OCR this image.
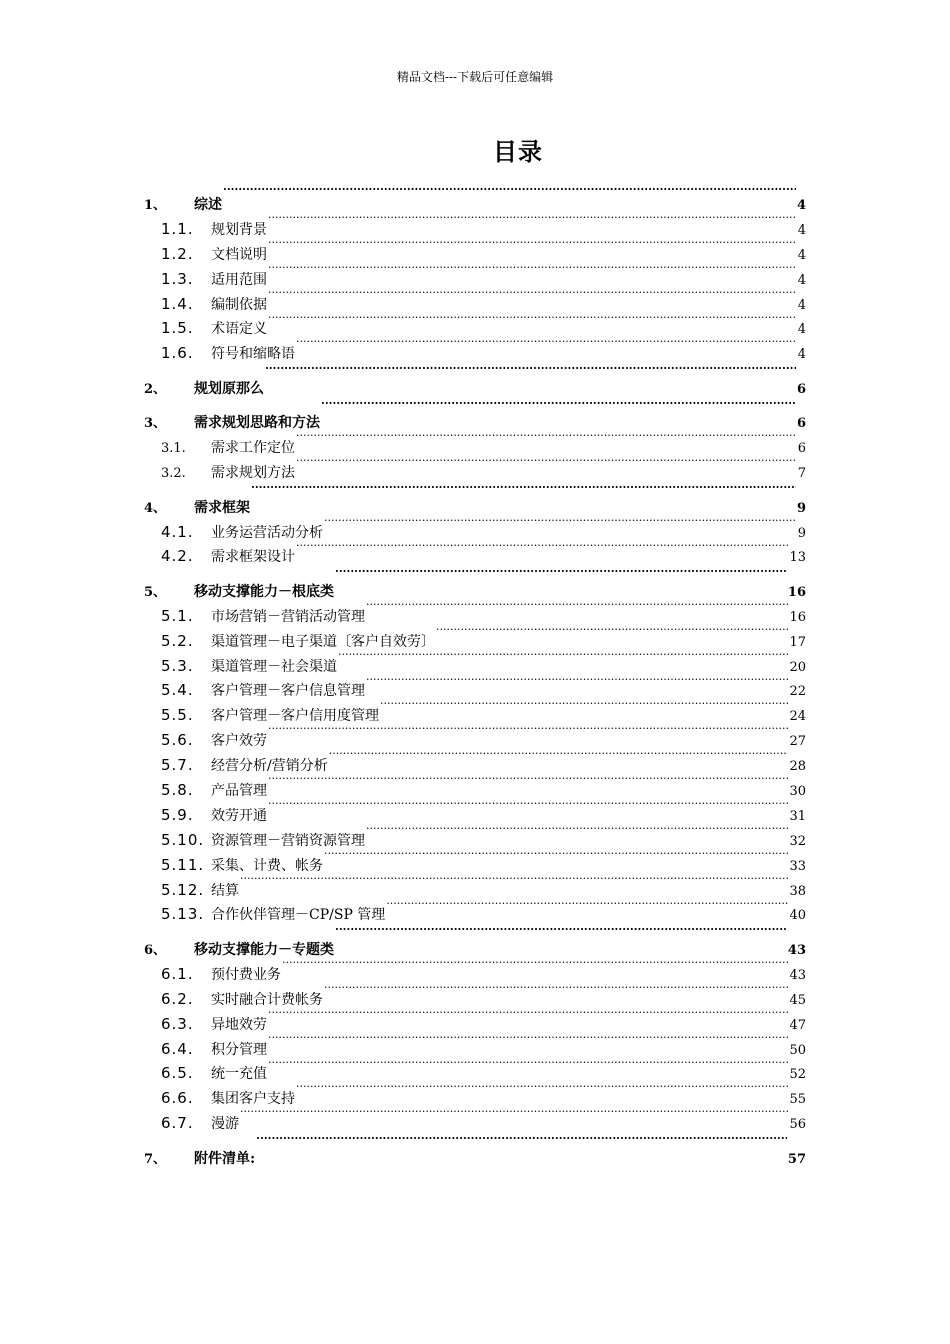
精品文档---下载后可任意编辑
目录
1、	综述 .....	4
1.1.	规划背景 .....	4
1.2.	文档说明 .....	4
1.3.	适用范围 .....	4
1.4.	编制依据 .....	4
1.5.	术语定义 .....	4
1.6.	符号和缩略语 .....	4
2、	规划原那么 .....	6
3、	需求规划思路和方法 .....	6
3.1.	需求工作定位 .....	6
3.2.	需求规划方法 .....	7
4、	需求框架 .....	9
4.1.	业务运营活动分析 .....	9
4.2.	需求框架设计 .....	13
5、	移动支撑能力－根底类 .....	16
5.1.	市场营销－营销活动管理 .....	16
5.2.	渠道管理－电子渠道〔客户自效劳〕 .....	17
5.3.	渠道管理－社会渠道 .....	20
5.4.	客户管理－客户信息管理 .....	22
5.5.	客户管理－客户信用度管理 .....	24
5.6.	客户效劳 .....	27
5.7.	经营分析/营销分析 .....	28
5.8.	产品管理 .....	30
5.9.	效劳开通 .....	31
5.10. 资源管理－营销资源管理 .....	32
5.11. 采集、计费、帐务 .....	33
5.12. 结算 .....	38
5.13. 合作伙伴管理－CP/SP 管理 .....	40
6、	移动支撑能力－专题类 .....	43
6.1.	预付费业务 .....	43
6.2.	实时融合计费帐务 .....	45
6.3.	异地效劳 .....	47
6.4.	积分管理 .....	50
6.5.	统一充值 .....	52
6.6.	集团客户支持 .....	55
6.7.	漫游 .....	56
7、	附件清单: .....	57
